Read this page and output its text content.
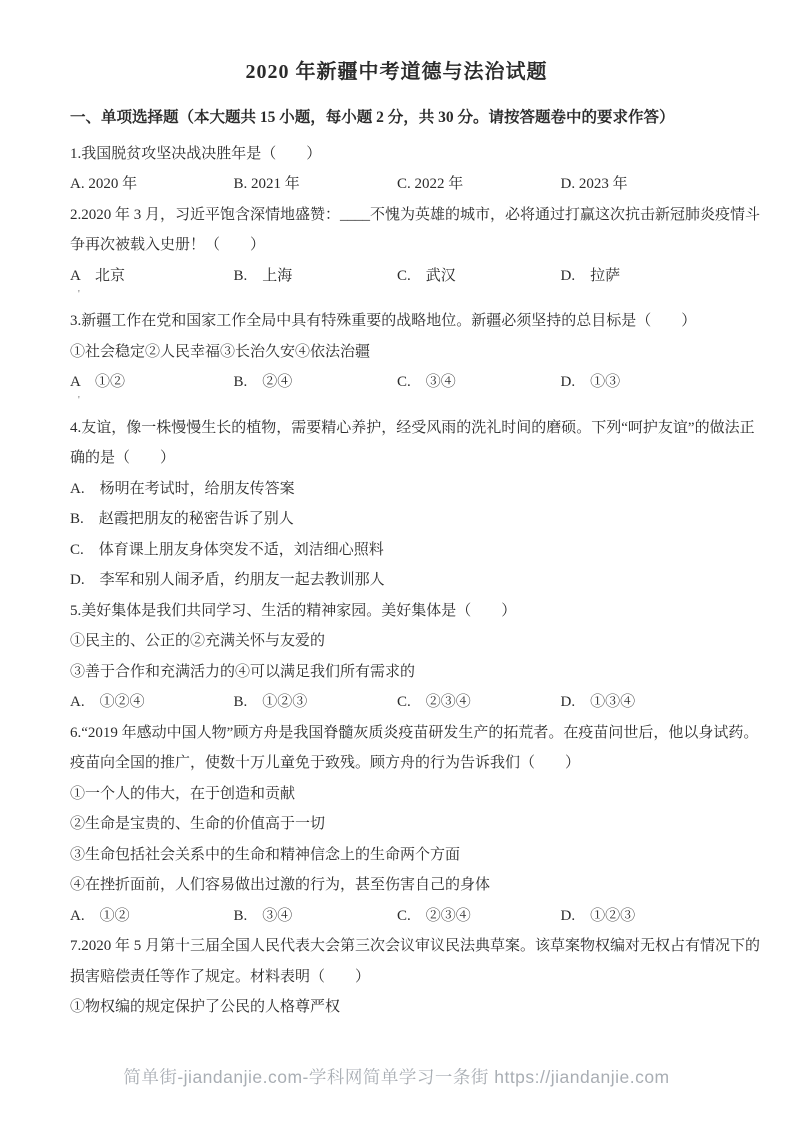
2020 年新疆中考道德与法治试题
一、单项选择题（本大题共 15 小题，每小题 2 分，共 30 分。请按答题卷中的要求作答）
1.我国脱贫攻坚决战决胜年是（　　）
A. 2020 年	B. 2021 年	C. 2022 年	D. 2023 年
2.2020 年 3 月，习近平饱含深情地盛赞：____不愧为英雄的城市，必将通过打赢这次抗击新冠肺炎疫情斗
争再次被载入史册！（　　）
A　北京	B.　上海	C.　武汉	D.　拉萨
'
3.新疆工作在党和国家工作全局中具有特殊重要的战略地位。新疆必须坚持的总目标是（　　）
①社会稳定②人民幸福③长治久安④依法治疆
A　①②	B.　②④	C.　③④	D.　①③
'
4.友谊，像一株慢慢生长的植物，需要精心养护，经受风雨的洗礼时间的磨硕。下列“呵护友谊”的做法正
确的是（　　）
A.　杨明在考试时，给朋友传答案
B.　赵霞把朋友的秘密告诉了别人
C.　体育课上朋友身体突发不适，刘洁细心照料
D.　李军和别人闹矛盾，约朋友一起去教训那人
5.美好集体是我们共同学习、生活的精神家园。美好集体是（　　）
①民主的、公正的②充满关怀与友爱的
③善于合作和充满活力的④可以满足我们所有需求的
A.　①②④	B.　①②③	C.　②③④	D.　①③④
6.“2019 年感动中国人物”顾方舟是我国脊髓灰质炎疫苗研发生产的拓荒者。在疫苗问世后，他以身试药。
疫苗向全国的推广，使数十万儿童免于致残。顾方舟的行为告诉我们（　　）
①一个人的伟大，在于创造和贡献
②生命是宝贵的、生命的价值高于一切
③生命包括社会关系中的生命和精神信念上的生命两个方面
④在挫折面前，人们容易做出过激的行为，甚至伤害自己的身体
A.　①②	B.　③④	C.　②③④	D.　①②③
7.2020 年 5 月第十三届全国人民代表大会第三次会议审议民法典草案。该草案物权编对无权占有情况下的
损害赔偿责任等作了规定。材料表明（　　）
①物权编的规定保护了公民的人格尊严权
简单街-jiandanjie.com-学科网简单学习一条街 https://jiandanjie.com
